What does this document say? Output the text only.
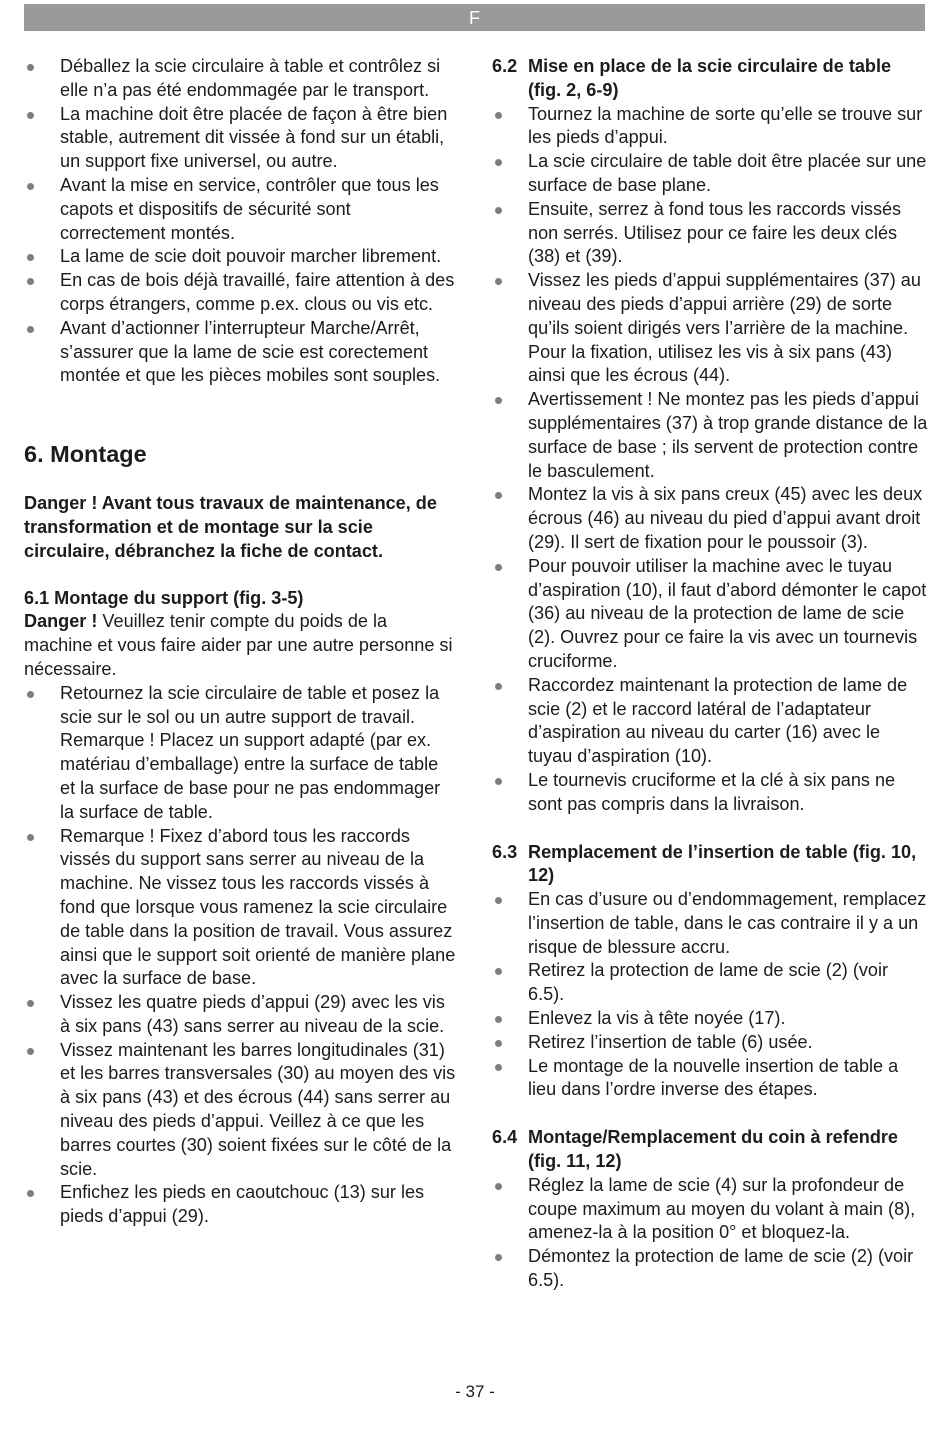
F
Déballez la scie circulaire à table et contrôlez si elle n’a pas été endommagée par le transport.
La machine doit être placée de façon à être bien stable, autrement dit vissée à fond sur un établi, un support fixe universel, ou autre.
Avant la mise en service, contrôler que tous les capots et dispositifs de sécurité sont correctement montés.
La lame de scie doit pouvoir marcher librement.
En cas de bois déjà travaillé, faire attention à des corps étrangers, comme p.ex. clous ou vis etc.
Avant d’actionner l’interrupteur Marche/Arrêt, s’assurer que la lame de scie est corectement montée et que les pièces mobiles sont souples.
6. Montage

Danger ! Avant tous travaux de maintenance, de transformation et de montage sur la scie circulaire, débranchez la fiche de contact.

6.1 Montage du support (fig. 3-5)

Danger ! Veuillez tenir compte du poids de la machine et vous faire aider par une autre personne si nécessaire.

Retournez la scie circulaire de table et posez la scie sur le sol ou un autre support de travail. Remarque ! Placez un support adapté (par ex. matériau d’emballage) entre la surface de table et la surface de base pour ne pas endommager la surface de table.
Remarque ! Fixez d’abord tous les raccords vissés du support sans serrer au niveau de la machine. Ne vissez tous les raccords vissés à fond que lorsque vous ramenez la scie circulaire de table dans la position de travail. Vous assurez ainsi que le support soit orienté de manière plane avec la surface de base.
Vissez les quatre pieds d’appui (29) avec les vis à six pans (43) sans serrer au niveau de la scie.
Vissez maintenant les barres longitudinales (31) et les barres transversales (30) au moyen des vis à six pans (43) et des écrous (44) sans serrer au niveau des pieds d’appui. Veillez à ce que les barres courtes (30) soient fixées sur le côté de la scie.
Enfichez les pieds en caoutchouc (13) sur les pieds d’appui (29).

6.2 Mise en place de la scie circulaire de table (fig. 2, 6-9)

Tournez la machine de sorte qu’elle se trouve sur les pieds d’appui.
La scie circulaire de table doit être placée sur une surface de base plane.
Ensuite, serrez à fond tous les raccords vissés non serrés. Utilisez pour ce faire les deux clés (38) et (39).
Vissez les pieds d’appui supplémentaires (37) au niveau des pieds d’appui arrière (29) de sorte qu’ils soient dirigés vers l’arrière de la machine. Pour la fixation, utilisez les vis à six pans (43) ainsi que les écrous (44).
Avertissement ! Ne montez pas les pieds d’appui supplémentaires (37) à trop grande distance de la surface de base ; ils servent de protection contre le basculement.
Montez la vis à six pans creux (45) avec les deux écrous (46) au niveau du pied d’appui avant droit (29). Il sert de fixation pour le poussoir (3).
Pour pouvoir utiliser la machine avec le tuyau d’aspiration (10), il faut d’abord démonter le capot (36) au niveau de la protection de lame de scie (2). Ouvrez pour ce faire la vis avec un tournevis cruciforme.
Raccordez maintenant la protection de lame de scie (2) et le raccord latéral de l’adaptateur d’aspiration au niveau du carter (16) avec le tuyau d’aspiration (10).
Le tournevis cruciforme et la clé à six pans ne sont pas compris dans la livraison.

6.3 Remplacement de l’insertion de table (fig. 10, 12)

En cas d’usure ou d’endommagement, remplacez l’insertion de table, dans le cas contraire il y a un risque de blessure accru.
Retirez la protection de lame de scie (2) (voir 6.5).
Enlevez la vis à tête noyée (17).
Retirez l’insertion de table (6) usée.
Le montage de la nouvelle insertion de table a lieu dans l’ordre inverse des étapes.

6.4 Montage/Remplacement du coin à refendre (fig. 11, 12)

Réglez la lame de scie (4) sur la profondeur de coupe maximum au moyen du volant à main (8), amenez-la à la position 0° et bloquez-la.
Démontez la protection de lame de scie (2) (voir 6.5).
- 37 -
